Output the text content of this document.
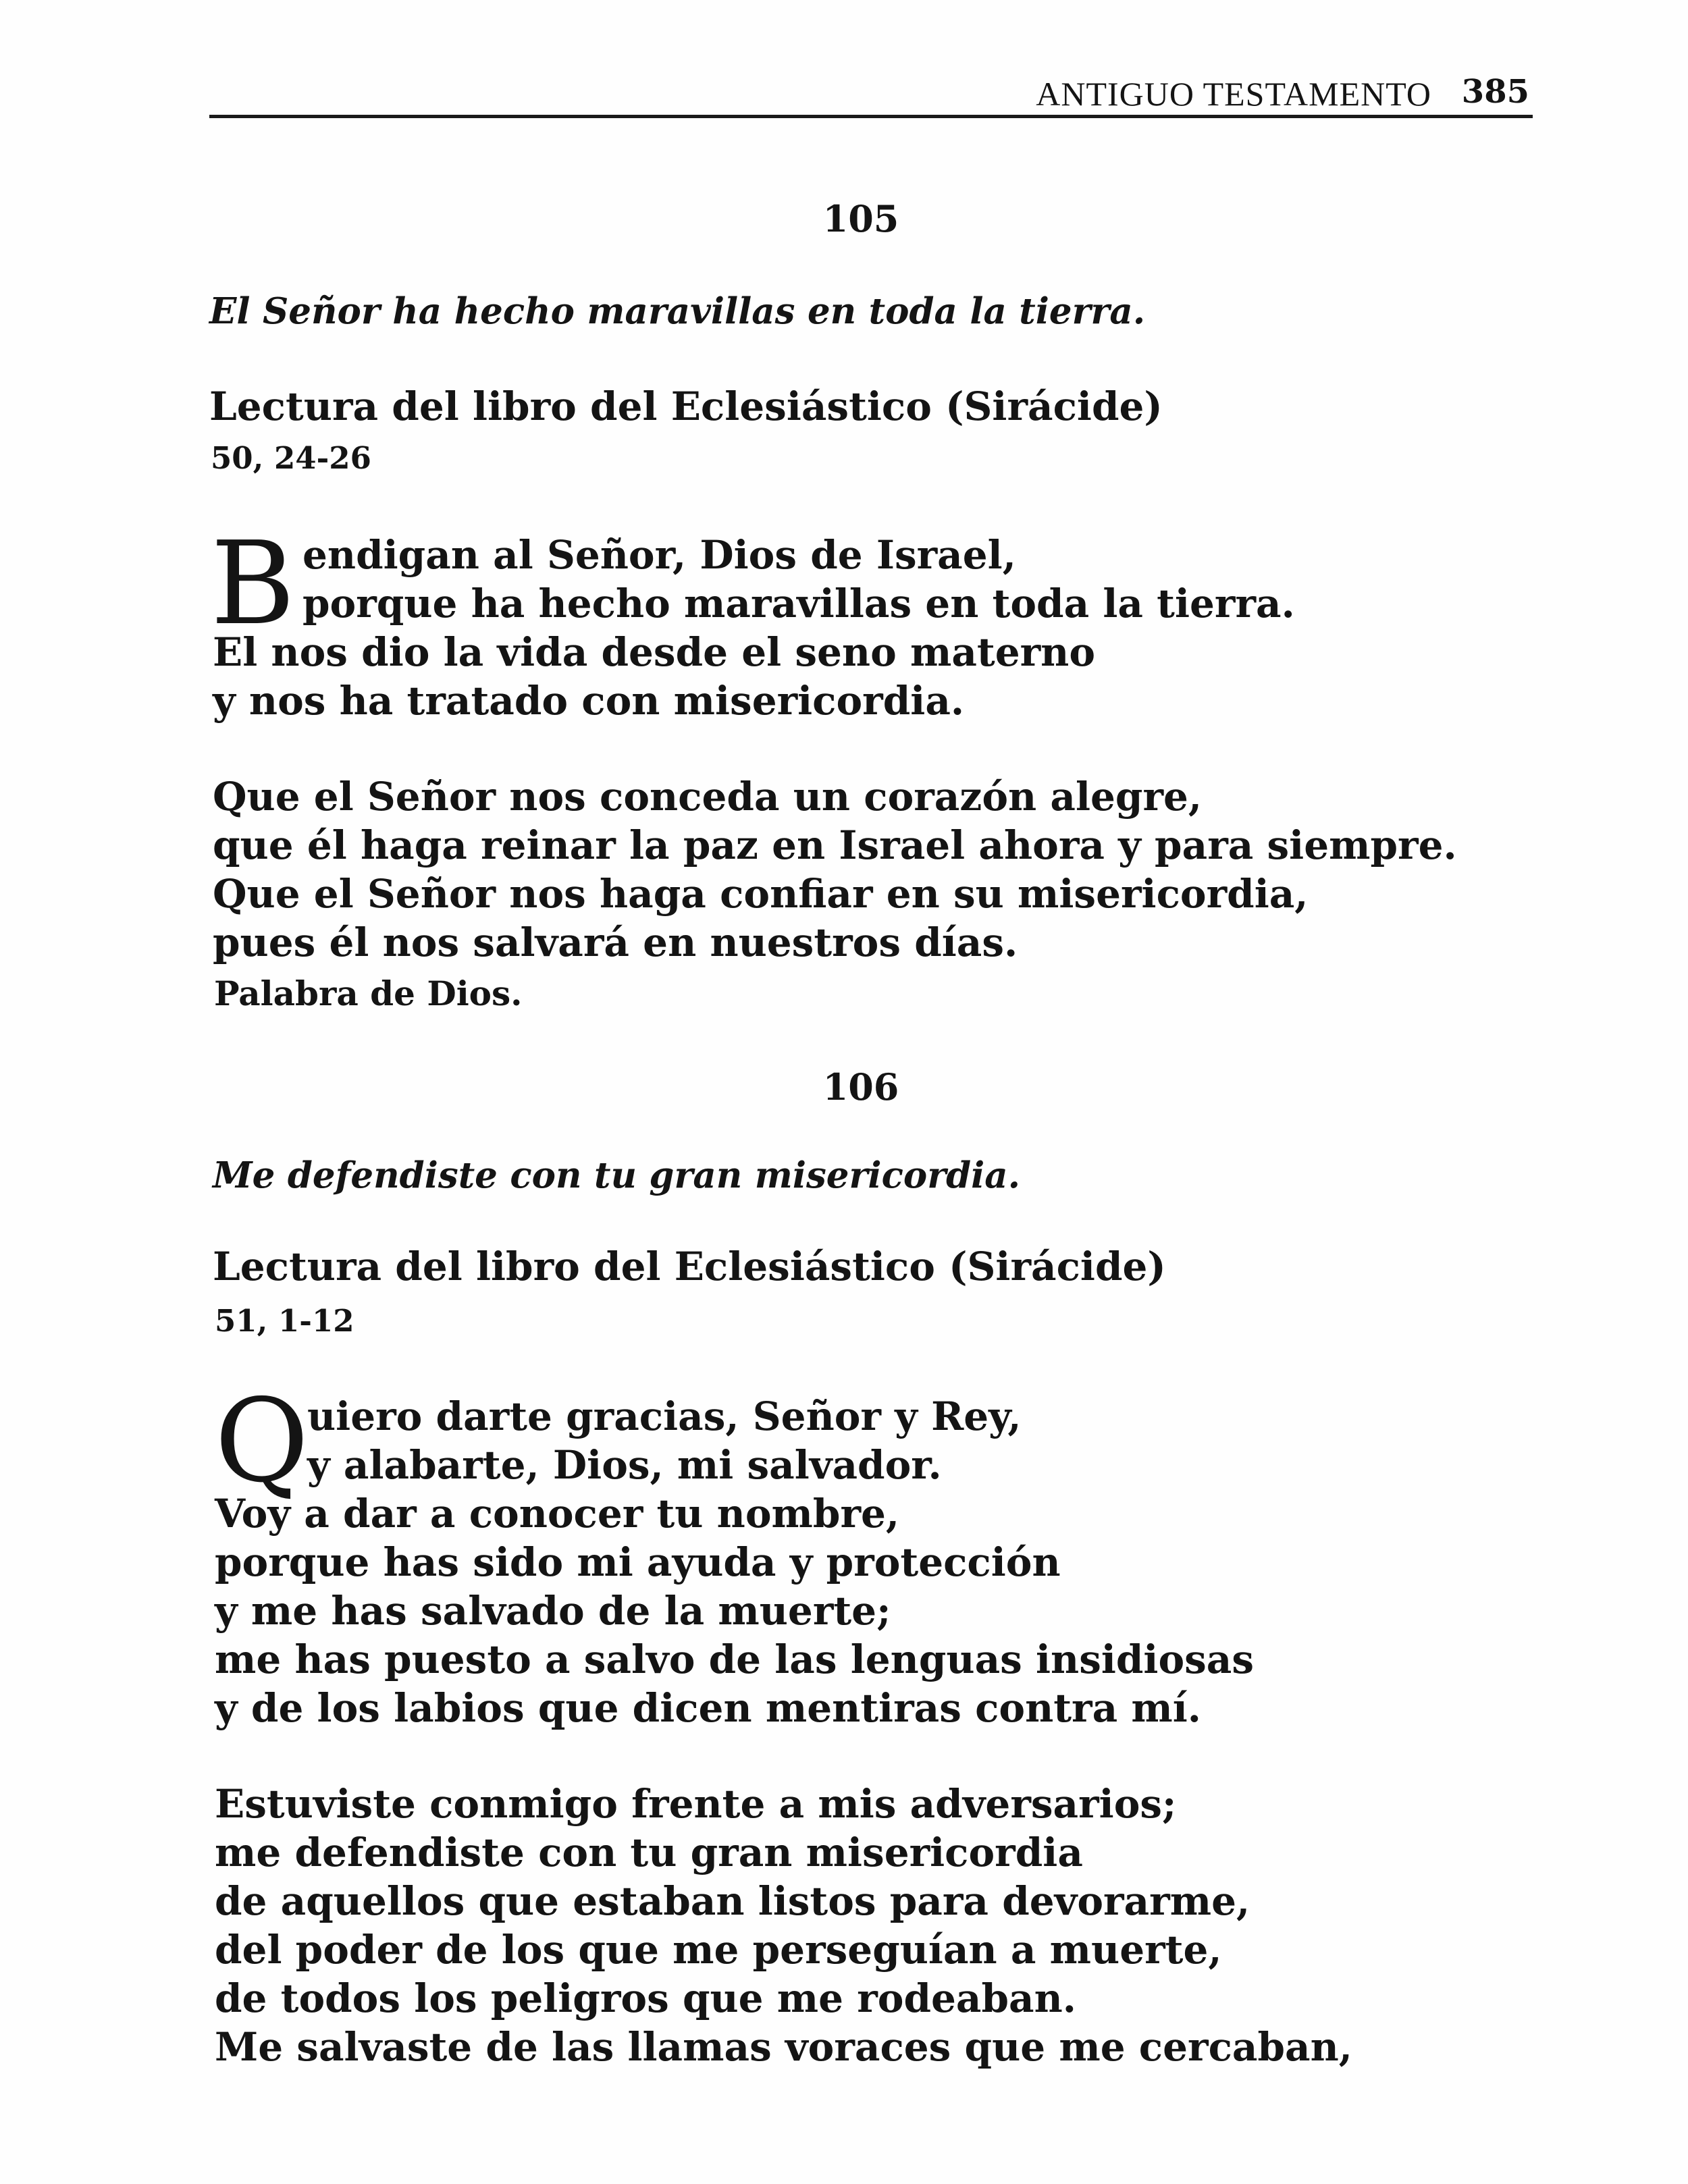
ANTIGUO TESTAMENTO 385
105
El Señor ha hecho maravillas en toda la tierra.
Lectura del libro del Eclesiástico (Sirácide)
50, 24-26
B endigan al Señor, Dios de Israel,
porque ha hecho maravillas en toda la tierra.
El nos dio la vida desde el seno materno
y nos ha tratado con misericordia.
Que el Señor nos conceda un corazón alegre,
que él haga reinar la paz en Israel ahora y para siempre.
Que el Señor nos haga confiar en su misericordia,
pues él nos salvará en nuestros días.
Palabra de Dios.
106
Me defendiste con tu gran misericordia.
Lectura del libro del Eclesiástico (Sirácide)
51, 1-12
Q
uiero darte gracias, Señor y Rey,
y alabarte, Dios, mi salvador.
Voy a dar a conocer tu nombre,
porque has sido mi ayuda y protección
y me has salvado de la muerte;
me has puesto a salvo de las lenguas insidiosas
y de los labios que dicen mentiras contra mí.
Estuviste conmigo frente a mis adversarios;
me defendiste con tu gran misericordia
de aquellos que estaban listos para devorarme,
del poder de los que me perseguían a muerte,
de todos los peligros que me rodeaban.
Me salvaste de las llamas voraces que me cercaban,
